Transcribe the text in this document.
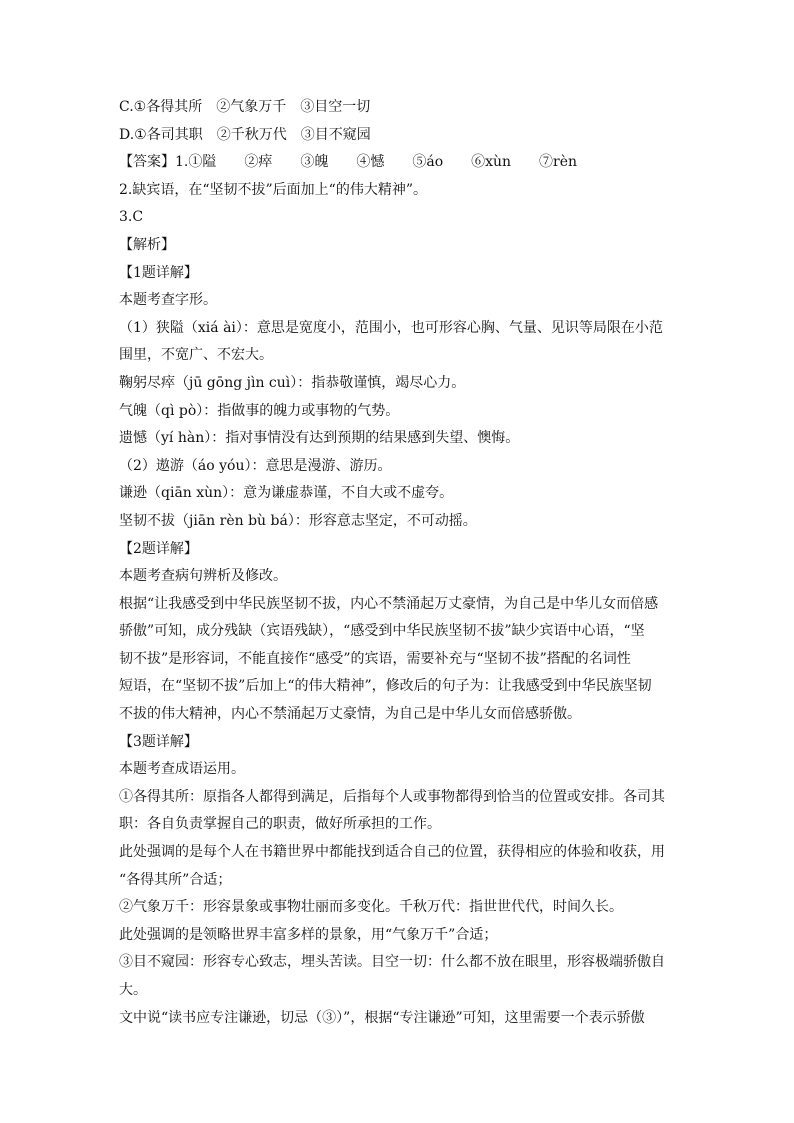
C.①各得其所　②气象万千　③目空一切
D.①各司其职　②千秋万代　③目不窥园
【答案】1.①隘　　②瘁　　③魄　　④憾　　⑤áo　　⑥xùn　　⑦rèn
2.缺宾语，在“坚韧不拔”后面加上“的伟大精神”。
3.C
【解析】
【1题详解】
本题考查字形。
（1）狭隘（xiá ài）：意思是宽度小，范围小，也可形容心胸、气量、见识等局限在小范
围里，不宽广、不宏大。
鞠躬尽瘁（jū gōng jìn cuì）：指恭敬谨慎，竭尽心力。
气魄（qì pò）：指做事的魄力或事物的气势。
遗憾（yí hàn）：指对事情没有达到预期的结果感到失望、懊悔。
（2）遨游（áo yóu）：意思是漫游、游历。
谦逊（qiān xùn）：意为谦虚恭谨，不自大或不虚夸。
坚韧不拔（jiān rèn bù bá）：形容意志坚定，不可动摇。
【2题详解】
本题考查病句辨析及修改。
根据“让我感受到中华民族坚韧不拔，内心不禁涌起万丈豪情，为自己是中华儿女而倍感
骄傲”可知，成分残缺（宾语残缺），“感受到中华民族坚韧不拔”缺少宾语中心语，“坚
韧不拔”是形容词，不能直接作“感受”的宾语，需要补充与“坚韧不拔”搭配的名词性
短语，在“坚韧不拔”后加上“的伟大精神”，修改后的句子为：让我感受到中华民族坚韧
不拔的伟大精神，内心不禁涌起万丈豪情，为自己是中华儿女而倍感骄傲。
【3题详解】
本题考查成语运用。
①各得其所：原指各人都得到满足，后指每个人或事物都得到恰当的位置或安排。各司其
职：各自负责掌握自己的职责，做好所承担的工作。
此处强调的是每个人在书籍世界中都能找到适合自己的位置，获得相应的体验和收获，用
“各得其所”合适；
②气象万千：形容景象或事物壮丽而多变化。千秋万代：指世世代代，时间久长。
此处强调的是领略世界丰富多样的景象，用“气象万千”合适；
③目不窥园：形容专心致志，埋头苦读。目空一切：什么都不放在眼里，形容极端骄傲自
大。
文中说“读书应专注谦逊，切忌（③）”，根据“专注谦逊”可知，这里需要一个表示骄傲
